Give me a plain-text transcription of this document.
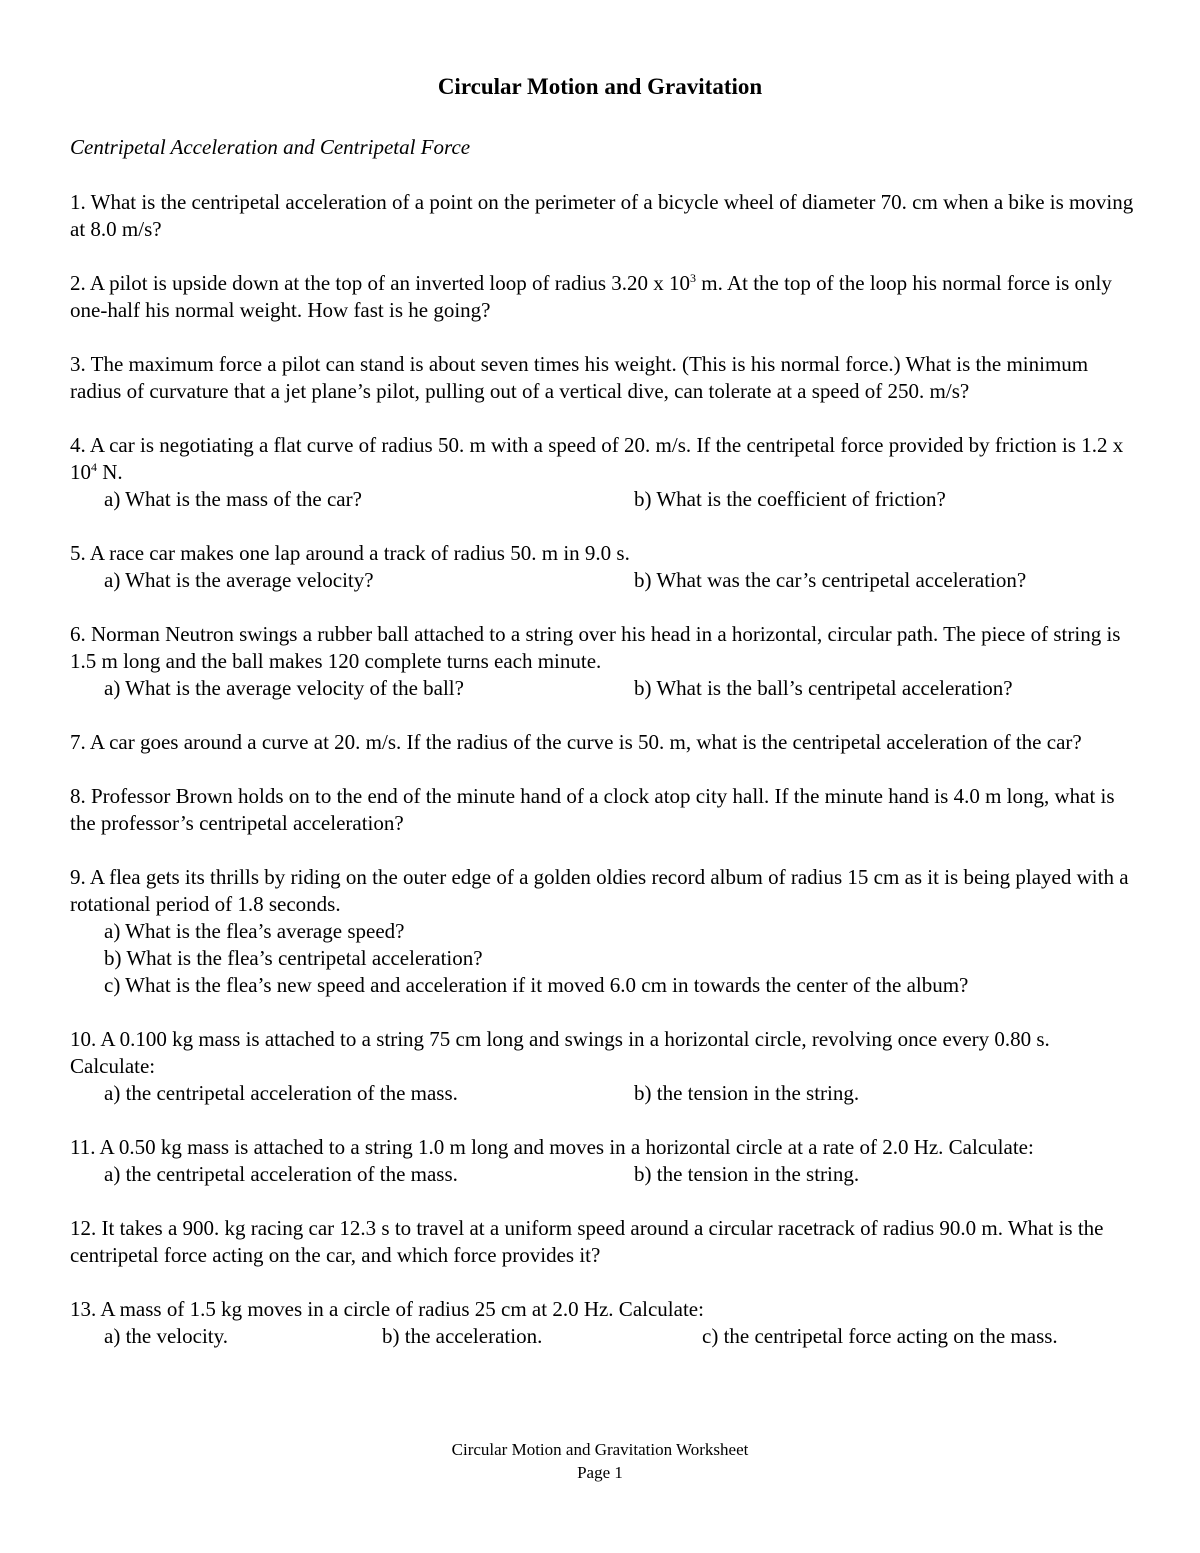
Circular Motion and Gravitation
Centripetal Acceleration and Centripetal Force

1. What is the centripetal acceleration of a point on the perimeter of a bicycle wheel of diameter 70. cm when a bike is moving at 8.0 m/s?

2. A pilot is upside down at the top of an inverted loop of radius 3.20 x $10^3$ m. At the top of the loop his normal force is only one-half his normal weight. How fast is he going?

3. The maximum force a pilot can stand is about seven times his weight. (This is his normal force.) What is the minimum radius of curvature that a jet plane’s pilot, pulling out of a vertical dive, can tolerate at a speed of 250. m/s?

4. A car is negotiating a flat curve of radius 50. m with a speed of 20. m/s. If the centripetal force provided by friction is 1.2 x $10^4$ N.

a) What is the mass of the car?	b) What is the coefficient of friction?

5. A race car makes one lap around a track of radius 50. m in 9.0 s.

a) What is the average velocity?	b) What was the car’s centripetal acceleration?

6. Norman Neutron swings a rubber ball attached to a string over his head in a horizontal, circular path. The piece of string is 1.5 m long and the ball makes 120 complete turns each minute.

a) What is the average velocity of the ball?	b) What is the ball’s centripetal acceleration?

7. A car goes around a curve at 20. m/s. If the radius of the curve is 50. m, what is the centripetal acceleration of the car?

8. Professor Brown holds on to the end of the minute hand of a clock atop city hall. If the minute hand is 4.0 m long, what is the professor’s centripetal acceleration?

9. A flea gets its thrills by riding on the outer edge of a golden oldies record album of radius 15 cm as it is being played with a rotational period of 1.8 seconds.

a) What is the flea’s average speed?

b) What is the flea’s centripetal acceleration?

c) What is the flea’s new speed and acceleration if it moved 6.0 cm in towards the center of the album?

10. A 0.100 kg mass is attached to a string 75 cm long and swings in a horizontal circle, revolving once every 0.80 s. Calculate:

a) the centripetal acceleration of the mass.	b) the tension in the string.

11. A 0.50 kg mass is attached to a string 1.0 m long and moves in a horizontal circle at a rate of 2.0 Hz. Calculate:

a) the centripetal acceleration of the mass.	b) the tension in the string.

12. It takes a 900. kg racing car 12.3 s to travel at a uniform speed around a circular racetrack of radius 90.0 m. What is the centripetal force acting on the car, and which force provides it?

13. A mass of 1.5 kg moves in a circle of radius 25 cm at 2.0 Hz. Calculate:

a) the velocity.	b) the acceleration.	c) the centripetal force acting on the mass.
Circular Motion and Gravitation Worksheet
Page 1
